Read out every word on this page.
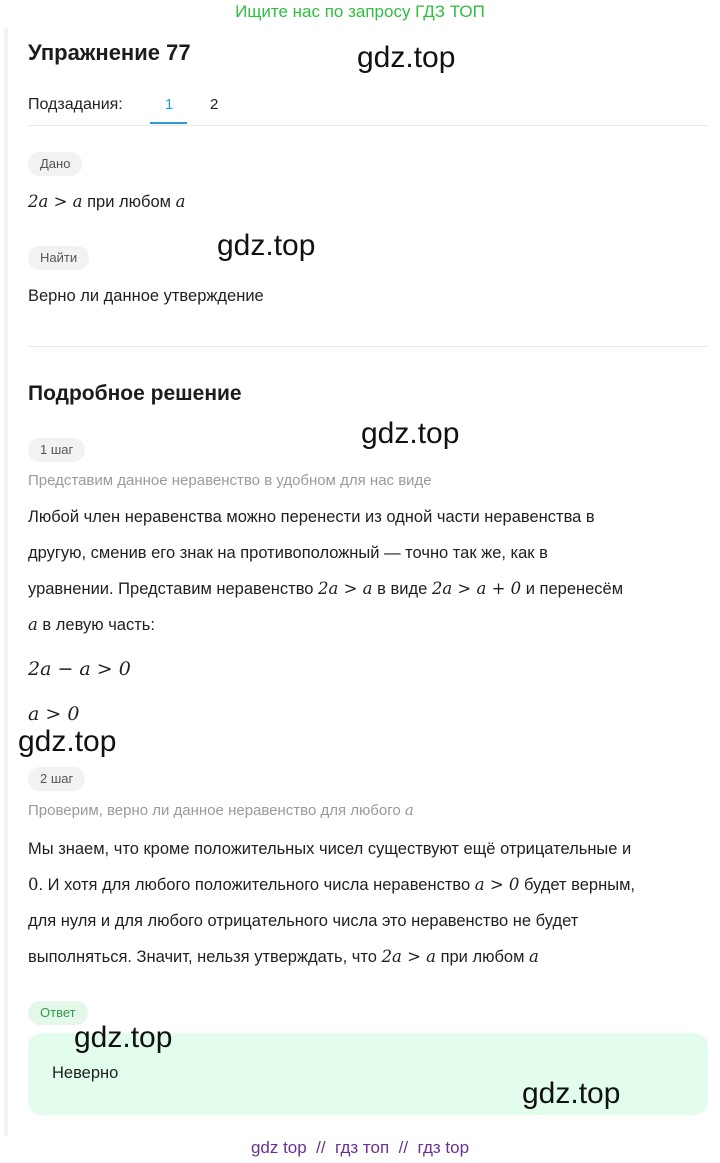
Ищите нас по запросу ГДЗ ТОП
Упражнение 77
Подзадания:	1 2
Дано
2a > a при любом a
Найти
Верно ли данное утверждение
Подробное решение
1 шаг
Представим данное неравенство в удобном для нас виде
Любой член неравенства можно перенести из одной части неравенства в
другую, сменив его знак на противоположный — точно так же, как в
уравнении. Представим неравенство 2a > a в виде 2a > a + 0 и перенесём
a в левую часть:
2a − a > 0
a > 0
2 шаг
Проверим, верно ли данное неравенство для любого a
Мы знаем, что кроме положительных чисел существуют ещё отрицательные и
0. И хотя для любого положительного числа неравенство a > 0 будет верным,
для нуля и для любого отрицательного числа это неравенство не будет
выполняться. Значит, нельзя утверждать, что 2a > a при любом a
Ответ
Неверно
gdz.top
gdz.top
gdz.top
gdz.top
gdz.top
gdz.top
gdz top  //  гдз топ  //  гдз top
